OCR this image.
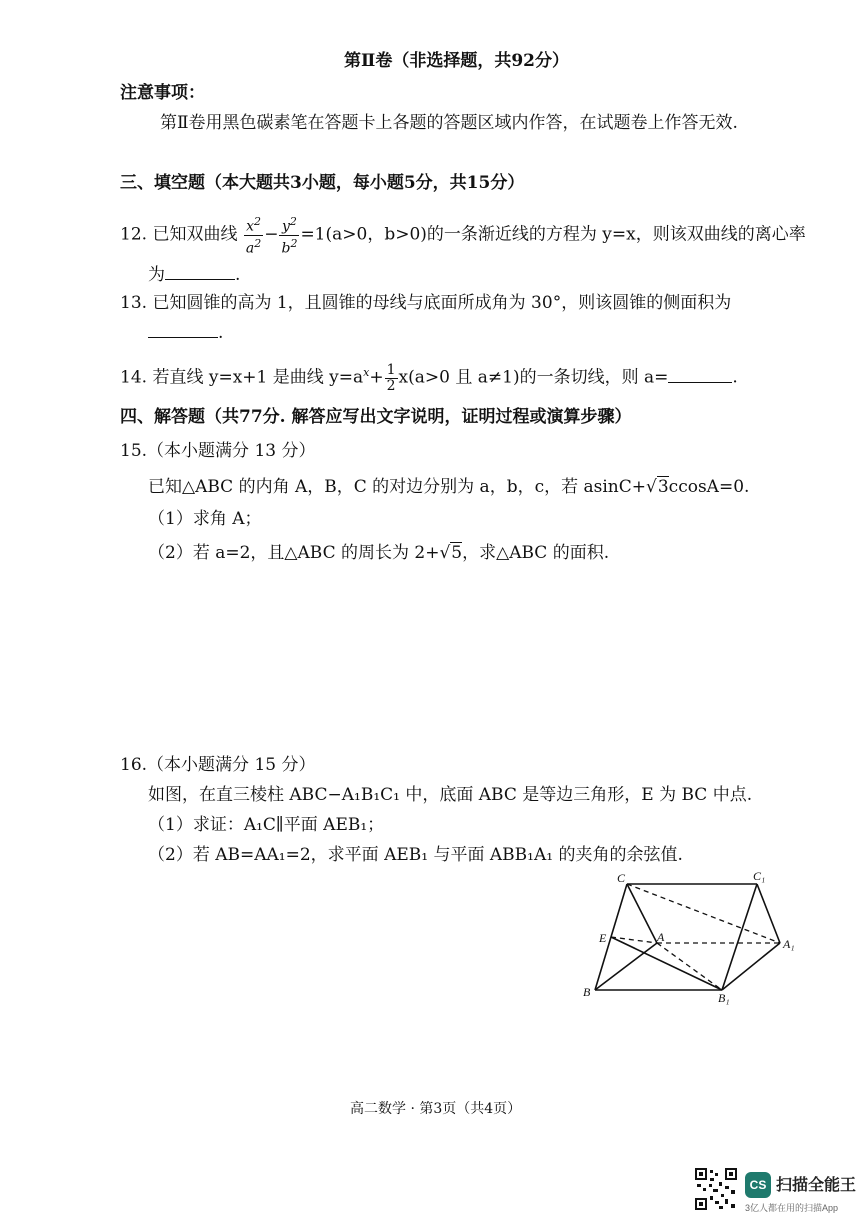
第Ⅱ卷（非选择题，共92分）
注意事项：
第Ⅱ卷用黑色碳素笔在答题卡上各题的答题区域内作答，在试题卷上作答无效.
三、填空题（本大题共3小题，每小题5分，共15分）
12. 已知双曲线 $\frac{x^2}{a^2} - \frac{y^2}{b^2} =1(a>0$，b>0)的一条渐近线的方程为 y=x，则该双曲线的离心率
为	.
13. 已知圆锥的高为 1，且圆锥的母线与底面所成角为 30°，则该圆锥的侧面积为
.
14. 若直线 y=x+1 是曲线 $y=a^x+ \frac{1}{2} x(a>0$ 且 a≠1)的一条切线，则 a=	.
四、解答题（共77分. 解答应写出文字说明，证明过程或演算步骤）
15.（本小题满分 13 分）
已知△ABC 的内角 A，B，C 的对边分别为 a，b，c，若 asinC+√3ccosA=0.
（1）求角 A；
（2）若 a=2，且△ABC 的周长为 2+√5，求△ABC 的面积.
16.（本小题满分 15 分）
如图，在直三棱柱 ABC−A₁B₁C₁ 中，底面 ABC 是等边三角形，E 为 BC 中点.
（1）求证：A₁C∥平面 AEB₁；
（2）若 AB=AA₁=2，求平面 AEB₁ 与平面 ABB₁A₁ 的夹角的余弦值.
C	C₁
E	A	A₁
B	B₁
高二数学 · 第3页（共4页）
CS 扫描全能王
3亿人都在用的扫描App
